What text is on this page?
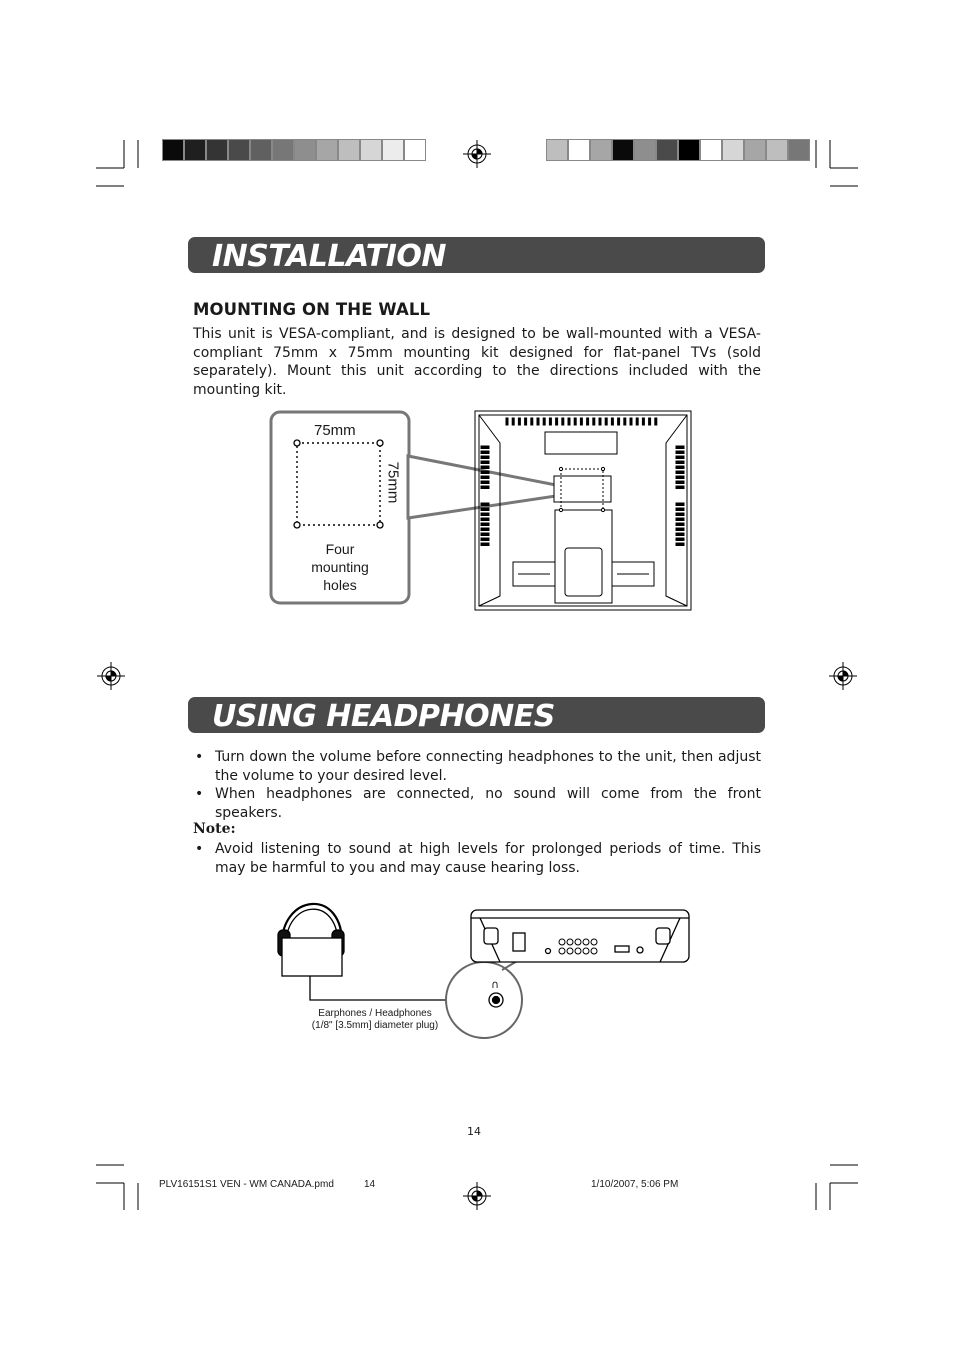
INSTALLATION
MOUNTING ON THE WALL
This unit is VESA-compliant, and is designed to be wall-mounted with a VESA-compliant 75mm x 75mm mounting kit designed for flat-panel TVs (sold separately). Mount this unit according to the directions included with the mounting kit.
75mm
75mm
Four
mounting
holes
USING HEADPHONES
• Turn down the volume before connecting headphones to the unit, then adjust the volume to your desired level.
• When headphones are connected, no sound will come from the front speakers.
Note:
• Avoid listening to sound at high levels for prolonged periods of time. This may be harmful to you and may cause hearing loss.
∩
Earphones / Headphones
(1/8" [3.5mm] diameter plug)
14
PLV16151S1 VEN - WM CANADA.pmd	14	1/10/2007, 5:06 PM
